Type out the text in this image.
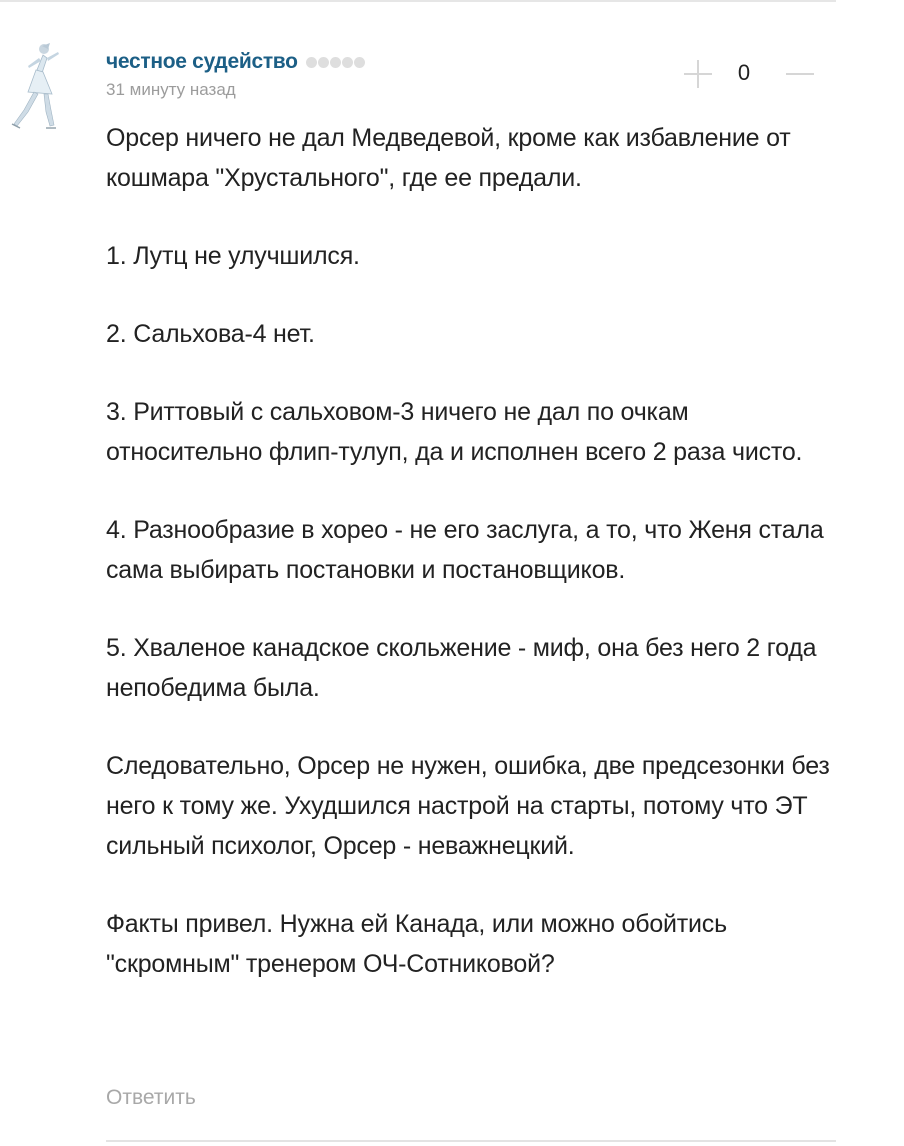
честное судейство
31 минуту назад
0

Орсер ничего не дал Медведевой, кроме как избавление от кошмара "Хрустального", где ее предали.

1. Лутц не улучшился.

2. Сальхова-4 нет.

3. Риттовый с сальховом-3 ничего не дал по очкам относительно флип-тулуп, да и исполнен всего 2 раза чисто.

4. Разнообразие в хорео - не его заслуга, а то, что Женя стала сама выбирать постановки и постановщиков.

5. Хваленое канадское скольжение - миф, она без него 2 года непобедима была.

Следовательно, Орсер не нужен, ошибка, две предсезонки без него к тому же. Ухудшился настрой на старты, потому что ЭТ сильный психолог, Орсер - неважнецкий.

Факты привел. Нужна ей Канада, или можно обойтись "скромным" тренером ОЧ-Сотниковой?

Ответить
